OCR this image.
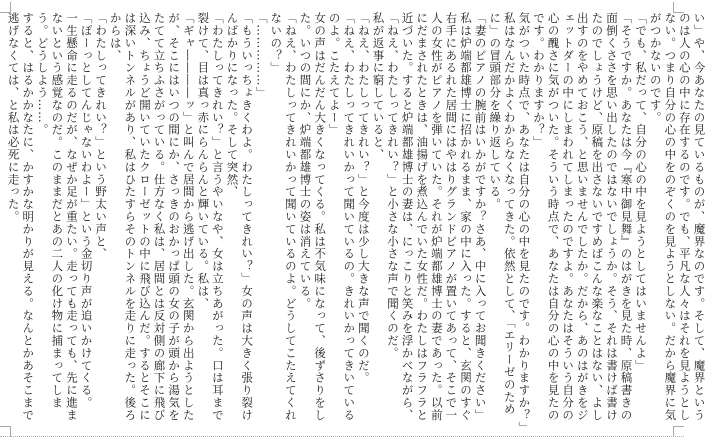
い」や、今あなたの見ているものが、魔界なのです。そして、魔界というのは人の心の中に存在するのです。でも、平凡な人々はそれを見ようとしない。つまり自分の心の中をのぞくのを見ようとしない。だから魔界に気がつかないのです。

「でも、私だって、自分の心の中を見ようとしてはいませんよ」

「そうですか。あなたは今『寒中御見舞』のはがきを見た時、原稿書きの面倒くささを思い出したのではないでしょうか。そう、それは書けば書けたのでしょうけど、原稿を出さないですめばこんな楽なことはない、よし出すのをやめておこう、と思いませんでしたか。だから、あのはがきをジェットダーの中にしまわれてしまったのですよ。あなたはそういう自分の心の醜さに気がついた。そういう時点で、あなたは自分の心の中を見たのです。わかりますか？」

気がついた時点で、あなたは自分の心の中を見たのです。わかりますか？」

私はなんだかよくわからなくなってきた。依然として、「エリーゼのために」の冒頭部分を繰り返している。

「妻のピアノの腕前はいかがですか？さあ、中に入ってお聞きください」

私は炉端都雄博士に招かれるまま、家の中に入った。すると、玄関のすぐ右手にあるれた居間にはやはりグランドピアノが置いてあって、そこで一人の女性がピアノを弾いていた。それが炉端都雄博士の妻であった。以前にだまされたときは、油揚げを煮込んでいた女性だ。わたしはフラフラと近づいた。すると炉端都雄博士の妻は、にっこりと笑みを浮かべながら、

「ねえ、わたしってきれい？」と小さな小さな声で聞くのだ。

私が返事に窮していると、

「ねえ、わたしってきれい？」と今度は少し大きな声で聞くのだ。

「ねえ、わたしってきれいかって聞いているの。きれいかってきいているのよ。こたえてよー」

女の声はだんだん大きくなってくる。私は不気味になって、後ずさりをした。いつの間にか、炉端都雄博士の姿は消えている。

「ねえ、わたしってきれいかって聞いているのよ。どうしてこたえてくれないの？」

「……………」

「もういっちょきくわよ。わたしってきれい？」女の声は大きく張り裂けんばかりになった。そして突然、

「わたしってきれい？」と言うやいなや、女は立ちあがった。口は耳まで裂けて、目は真っ赤にらんらんと輝いている。私は、

「ギャ――――ッ」と叫んで居間から逃げ出した。玄関から出ようとしたが、そこにはいつの間にか、さっきのおかっぱ頭の女の子が頭から湯気をたてて立ちふさがっている。仕方なく私は、居間とは反対側の廊下に飛び込み、ちょうど開いていたクローゼットの中に飛び込んだ。するとそこには深いトンネルがあり、私はひたすらそのトンネルを走りに走った。後ろからは、

「わたしってきれい？」という野太い声と、

「ぽーっとしてんじゃないわよー」という金切り声が追いかけてくる。

一生懸命に走るのだが、なぜか足が重たい。走っても走っても、先に進まないという感覚なのだ。このままだとあの二人の化け物に捕まってしまう。どうしよう……。

すると、はるかかなたに、かすかな明かりが見える。なんとかあそこまで逃げなくては、と私は必死に走った。
